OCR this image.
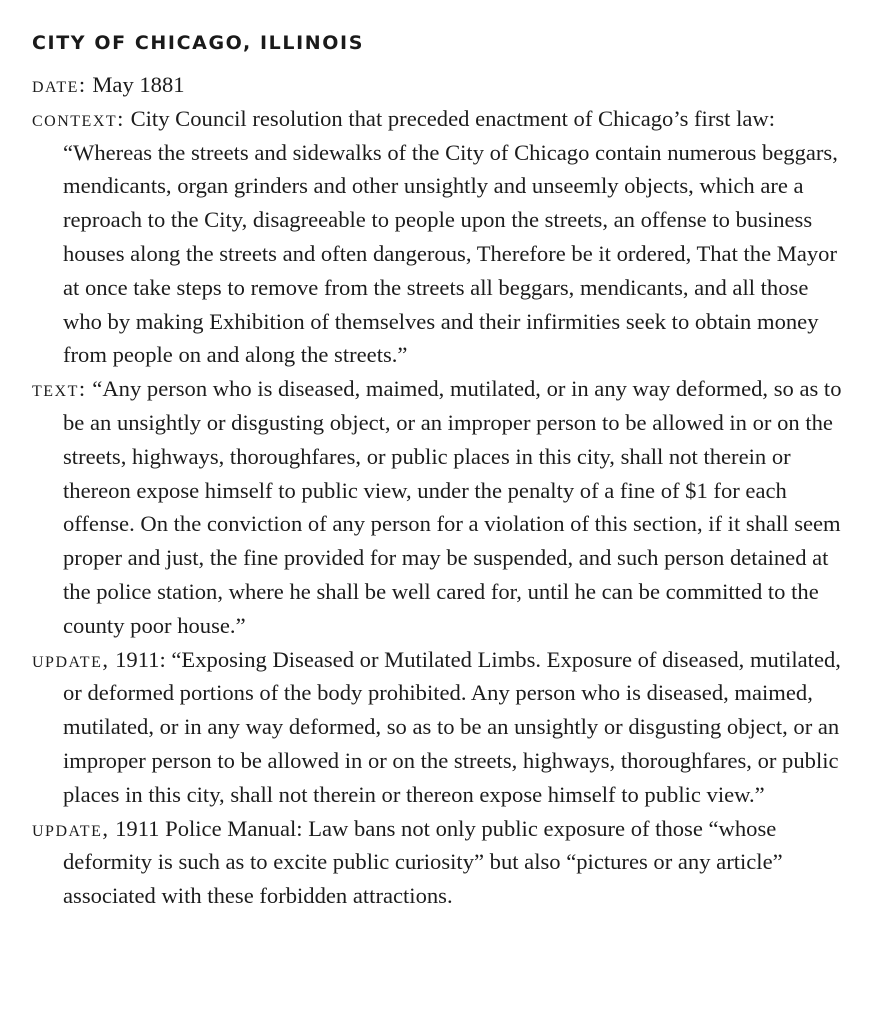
CITY OF CHICAGO, ILLINOIS

date: May 1881

context: City Council resolution that preceded enactment of Chicago’s first law: “Whereas the streets and sidewalks of the City of Chicago contain numerous beggars, mendicants, organ grinders and other unsightly and unseemly objects, which are a reproach to the City, disagreeable to people upon the streets, an offense to business houses along the streets and often dangerous, Therefore be it ordered, That the Mayor at once take steps to remove from the streets all beggars, mendicants, and all those who by making Exhibition of themselves and their infirmities seek to obtain money from people on and along the streets.”

text: “Any person who is diseased, maimed, mutilated, or in any way deformed, so as to be an unsightly or disgusting object, or an improper person to be allowed in or on the streets, highways, thoroughfares, or public places in this city, shall not therein or thereon expose himself to public view, under the penalty of a fine of $1 for each offense. On the conviction of any person for a violation of this section, if it shall seem proper and just, the fine provided for may be suspended, and such person detained at the police station, where he shall be well cared for, until he can be committed to the county poor house.”

update, 1911: “Exposing Diseased or Mutilated Limbs. Exposure of diseased, mutilated, or deformed portions of the body prohibited. Any person who is diseased, maimed, mutilated, or in any way deformed, so as to be an unsightly or disgusting object, or an improper person to be allowed in or on the streets, highways, thoroughfares, or public places in this city, shall not therein or thereon expose himself to public view.”

update, 1911 Police Manual: Law bans not only public exposure of those “whose deformity is such as to excite public curiosity” but also “pictures or any article” associated with these forbidden attractions.
